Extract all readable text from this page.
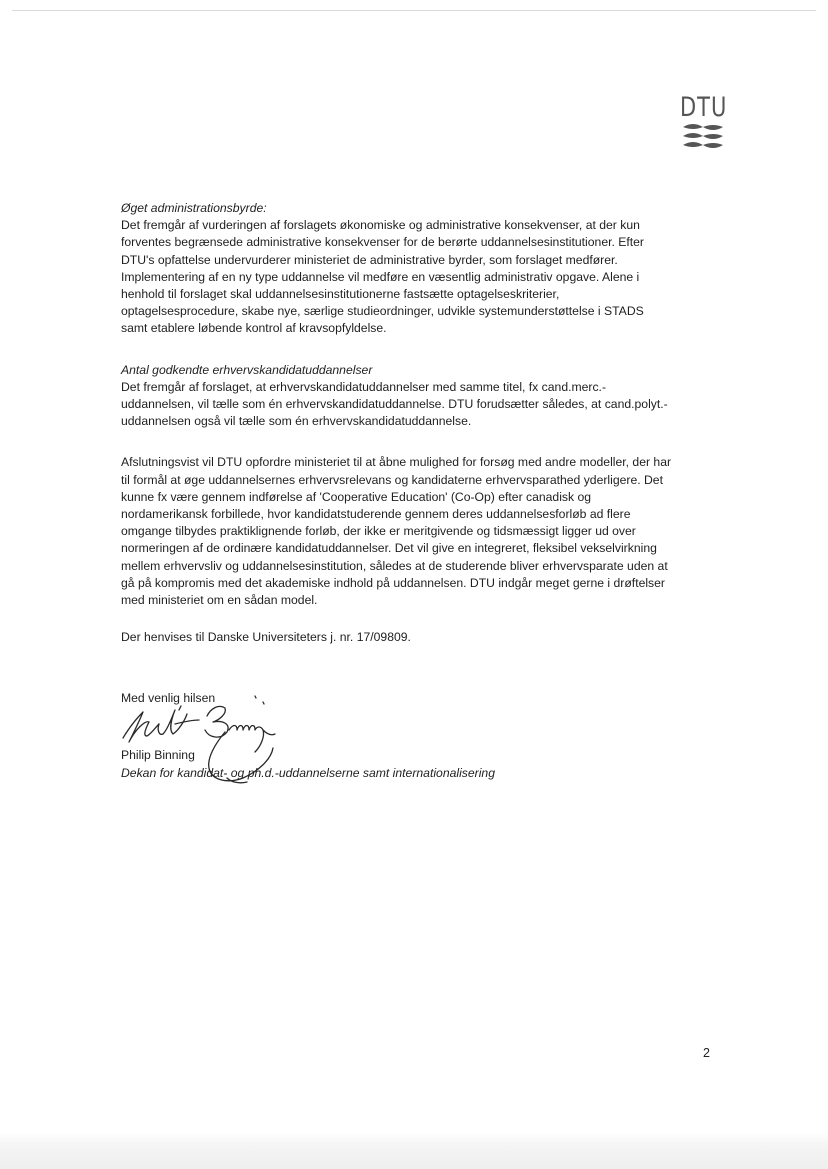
DTU

Øget administrationsbyrde:

Det fremgår af vurderingen af forslagets økonomiske og administrative konsekvenser, at der kun
forventes begrænsede administrative konsekvenser for de berørte uddannelsesinstitutioner. Efter
DTU's opfattelse undervurderer ministeriet de administrative byrder, som forslaget medfører.
Implementering af en ny type uddannelse vil medføre en væsentlig administrativ opgave. Alene i
henhold til forslaget skal uddannelsesinstitutionerne fastsætte optagelseskriterier,
optagelsesprocedure, skabe nye, særlige studieordninger, udvikle systemunderstøttelse i STADS
samt etablere løbende kontrol af kravsopfyldelse.

Antal godkendte erhvervskandidatuddannelser

Det fremgår af forslaget, at erhvervskandidatuddannelser med samme titel, fx cand.merc.-
uddannelsen, vil tælle som én erhvervskandidatuddannelse. DTU forudsætter således, at cand.polyt.-
uddannelsen også vil tælle som én erhvervskandidatuddannelse.
Afslutningsvist vil DTU opfordre ministeriet til at åbne mulighed for forsøg med andre modeller, der har
til formål at øge uddannelsernes erhvervsrelevans og kandidaterne erhvervsparathed yderligere. Det
kunne fx være gennem indførelse af 'Cooperative Education' (Co-Op) efter canadisk og
nordamerikansk forbillede, hvor kandidatstuderende gennem deres uddannelsesforløb ad flere
omgange tilbydes praktiklignende forløb, der ikke er meritgivende og tidsmæssigt ligger ud over
normeringen af de ordinære kandidatuddannelser. Det vil give en integreret, fleksibel vekselvirkning
mellem erhvervsliv og uddannelsesinstitution, således at de studerende bliver erhvervsparate uden at
gå på kompromis med det akademiske indhold på uddannelsen. DTU indgår meget gerne i drøftelser
med ministeriet om en sådan model.

Der henvises til Danske Universiteters j. nr. 17/09809.

Med venlig hilsen
Philip Binning
Dekan for kandidat- og ph.d.-uddannelserne samt internationalisering
2
